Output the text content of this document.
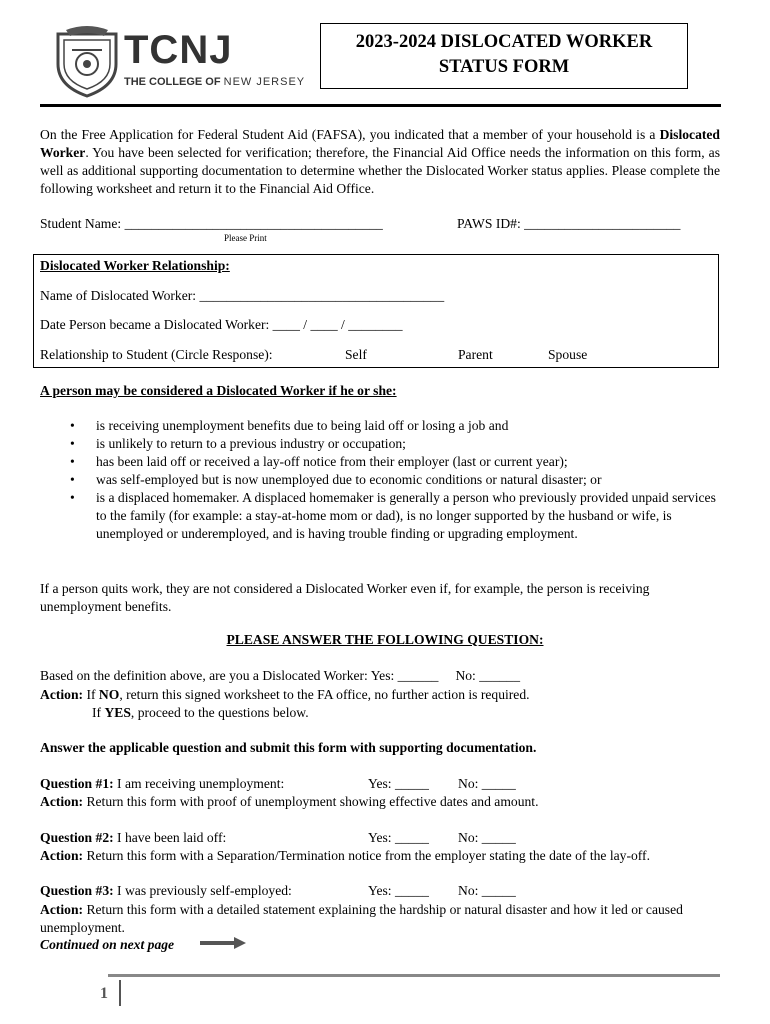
TCNJ
THE COLLEGE OF NEW JERSEY
2023-2024 DISLOCATED WORKER
STATUS FORM

On the Free Application for Federal Student Aid (FAFSA), you indicated that a member of your household is a Dislocated Worker. You have been selected for verification; therefore, the Financial Aid Office needs the information on this form, as well as additional supporting documentation to determine whether the Dislocated Worker status applies. Please complete the following worksheet and return it to the Financial Aid Office.

Student Name: ______________________________________
Please Print
PAWS ID#: _______________________
Dislocated Worker Relationship:
Name of Dislocated Worker: ____________________________________
Date Person became a Dislocated Worker: ____ / ____ / ________
Relationship to Student (Circle Response):	Self	Parent	Spouse
A person may be considered a Dislocated Worker if he or she:
• is receiving unemployment benefits due to being laid off or losing a job and
• is unlikely to return to a previous industry or occupation;
• has been laid off or received a lay-off notice from their employer (last or current year);
• was self-employed but is now unemployed due to economic conditions or natural disaster; or
• is a displaced homemaker. A displaced homemaker is generally a person who previously provided unpaid services to the family (for example: a stay-at-home mom or dad), is no longer supported by the husband or wife, is unemployed or underemployed, and is having trouble finding or upgrading employment.

If a person quits work, they are not considered a Dislocated Worker even if, for example, the person is receiving unemployment benefits.

PLEASE ANSWER THE FOLLOWING QUESTION:
Based on the definition above, are you a Dislocated Worker: Yes: ______     No: ______
Action: If NO, return this signed worksheet to the FA office, no further action is required.
If YES, proceed to the questions below.
Answer the applicable question and submit this form with supporting documentation.
Question #1: I am receiving unemployment:	Yes: _____ No: _____
Action: Return this form with proof of unemployment showing effective dates and amount.
Question #2: I have been laid off:	Yes: _____ No: _____
Action: Return this form with a Separation/Termination notice from the employer stating the date of the lay-off.
Question #3: I was previously self-employed:	Yes: _____ No: _____

Action: Return this form with a detailed statement explaining the hardship or natural disaster and how it led or caused unemployment.

Continued on next page
1
